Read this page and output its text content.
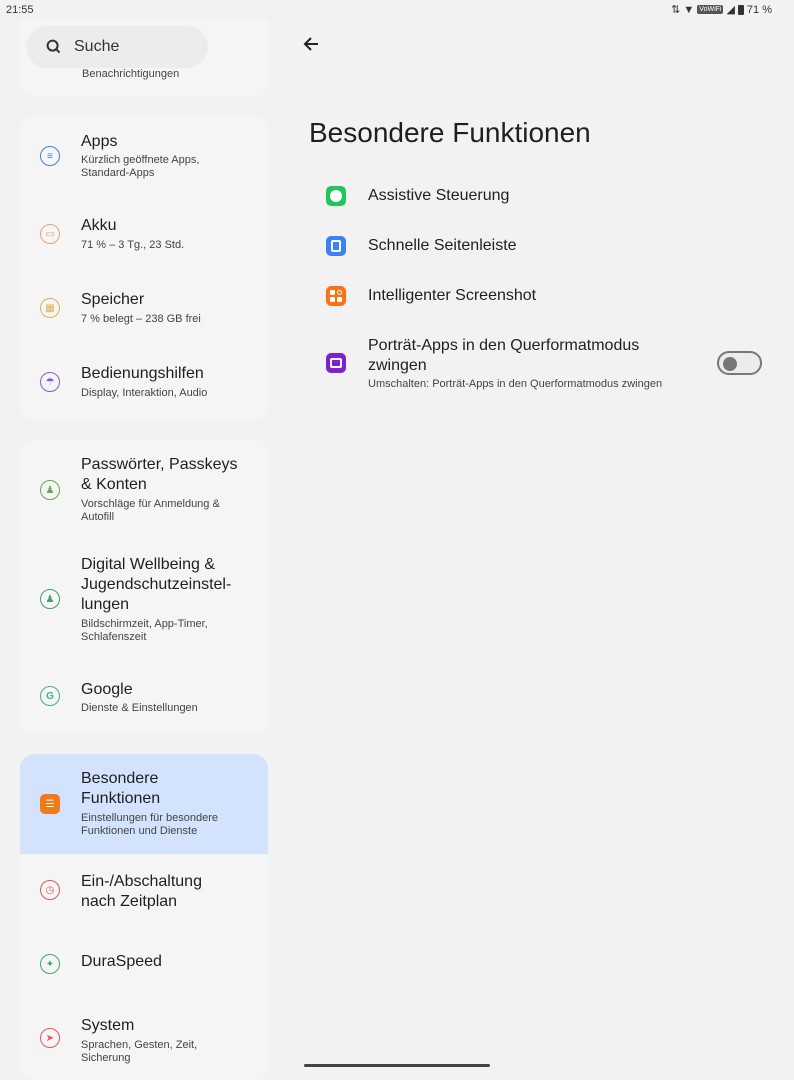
21:55	⇅ ▼ VoWiFi ◢ 71 %
Benachrichtigungen
Suche
≡
Apps
Kürzlich geöffnete Apps,
Standard-Apps
▭	Akku
71 % – 3 Tg., 23 Std.
▦	Speicher
7 % belegt – 238 GB frei
☂	Bedienungshilfen
Display, Interaktion, Audio
♟
Passwörter, Passkeys
& Konten
Vorschläge für Anmeldung &
Autofill
♟
Digital Wellbeing &
Jugendschutzeinstel-
lungen
Bildschirmzeit, App-Timer,
Schlafenszeit
G	Google
Dienste & Einstellungen
☰
Besondere
Funktionen
Einstellungen für besondere
Funktionen und Dienste
◷	Ein-/Abschaltung
nach Zeitplan
✦	DuraSpeed
➤
System
Sprachen, Gesten, Zeit,
Sicherung
Besondere Funktionen
Assistive Steuerung
Schnelle Seitenleiste
Intelligenter Screenshot
Porträt-Apps in den Querformatmodus
zwingen
Umschalten: Porträt-Apps in den Querformatmodus zwingen
